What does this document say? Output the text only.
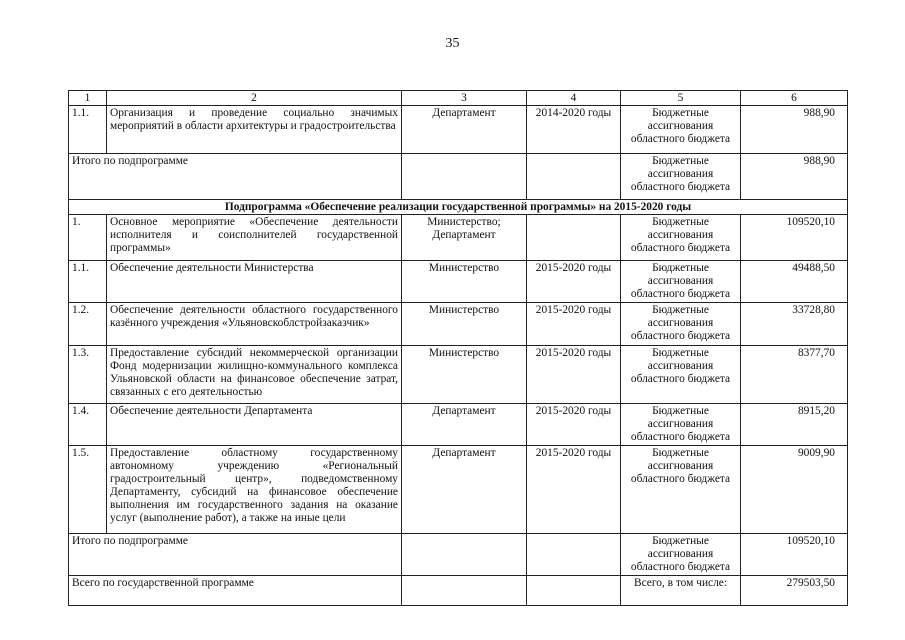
35
1	2	3	4	5	6
1.1.	Организация и проведение социально значимых мероприятий в области архитектуры и градостроительства	Департамент	2014-2020 годы	Бюджетные ассигнования областного бюджета	988,90
Итого по подпрограмме				Бюджетные ассигнования областного бюджета	988,90
Подпрограмма «Обеспечение реализации государственной программы» на 2015-2020 годы					
1.	Основное мероприятие «Обеспечение деятельности исполнителя и соисполнителей государственной программы»	Министерство; Департамент		Бюджетные ассигнования областного бюджета	109520,10
1.1.	Обеспечение деятельности Министерства	Министерство	2015-2020 годы	Бюджетные ассигнования областного бюджета	49488,50
1.2.	Обеспечение деятельности областного государственного казённого учреждения «Ульяновскоблстройзаказчик»	Министерство	2015-2020 годы	Бюджетные ассигнования областного бюджета	33728,80
1.3.	Предоставление субсидий некоммерческой организации Фонд модернизации жилищно-коммунального комплекса Ульяновской области на финансовое обеспечение затрат, связанных с его деятельностью	Министерство	2015-2020 годы	Бюджетные ассигнования областного бюджета	8377,70
1.4.	Обеспечение деятельности Департамента	Департамент	2015-2020 годы	Бюджетные ассигнования областного бюджета	8915,20
1.5.	Предоставление областному государственному автономному учреждению «Региональный градостроительный центр», подведомственному Департаменту, субсидий на финансовое обеспечение выполнения им государственного задания на оказание услуг (выполнение работ), а также на иные цели	Департамент	2015-2020 годы	Бюджетные ассигнования областного бюджета	9009,90
Итого по подпрограмме				Бюджетные ассигнования областного бюджета	109520,10
Всего по государственной программе				Всего, в том числе:	279503,50
